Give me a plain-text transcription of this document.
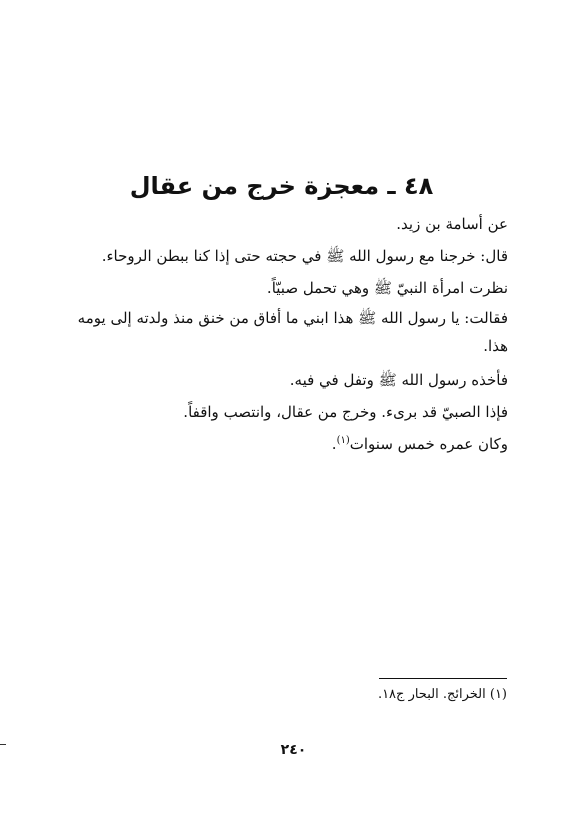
٤٨ ـ معجزة خرج من عقال

عن أسامة بن زيد.

قال: خرجنا مع رسول الله ﷺ في حجته حتى إذا كنا ببطن الروحاء.

نظرت امرأة النبيّ ﷺ وهي تحمل صبيّاً.

فقالت: يا رسول الله ﷺ هذا ابني ما أفاق من خنق منذ ولدته إلى يومه هذا.

فأخذه رسول الله ﷺ وتفل في فيه.

فإذا الصبيّ قد برىء. وخرج من عقال، وانتصب واقفاً.

وكان عمره خمس سنوات$^{(١)}$.

(١) الخرائج. البحار ج١٨.
٢٤٠
